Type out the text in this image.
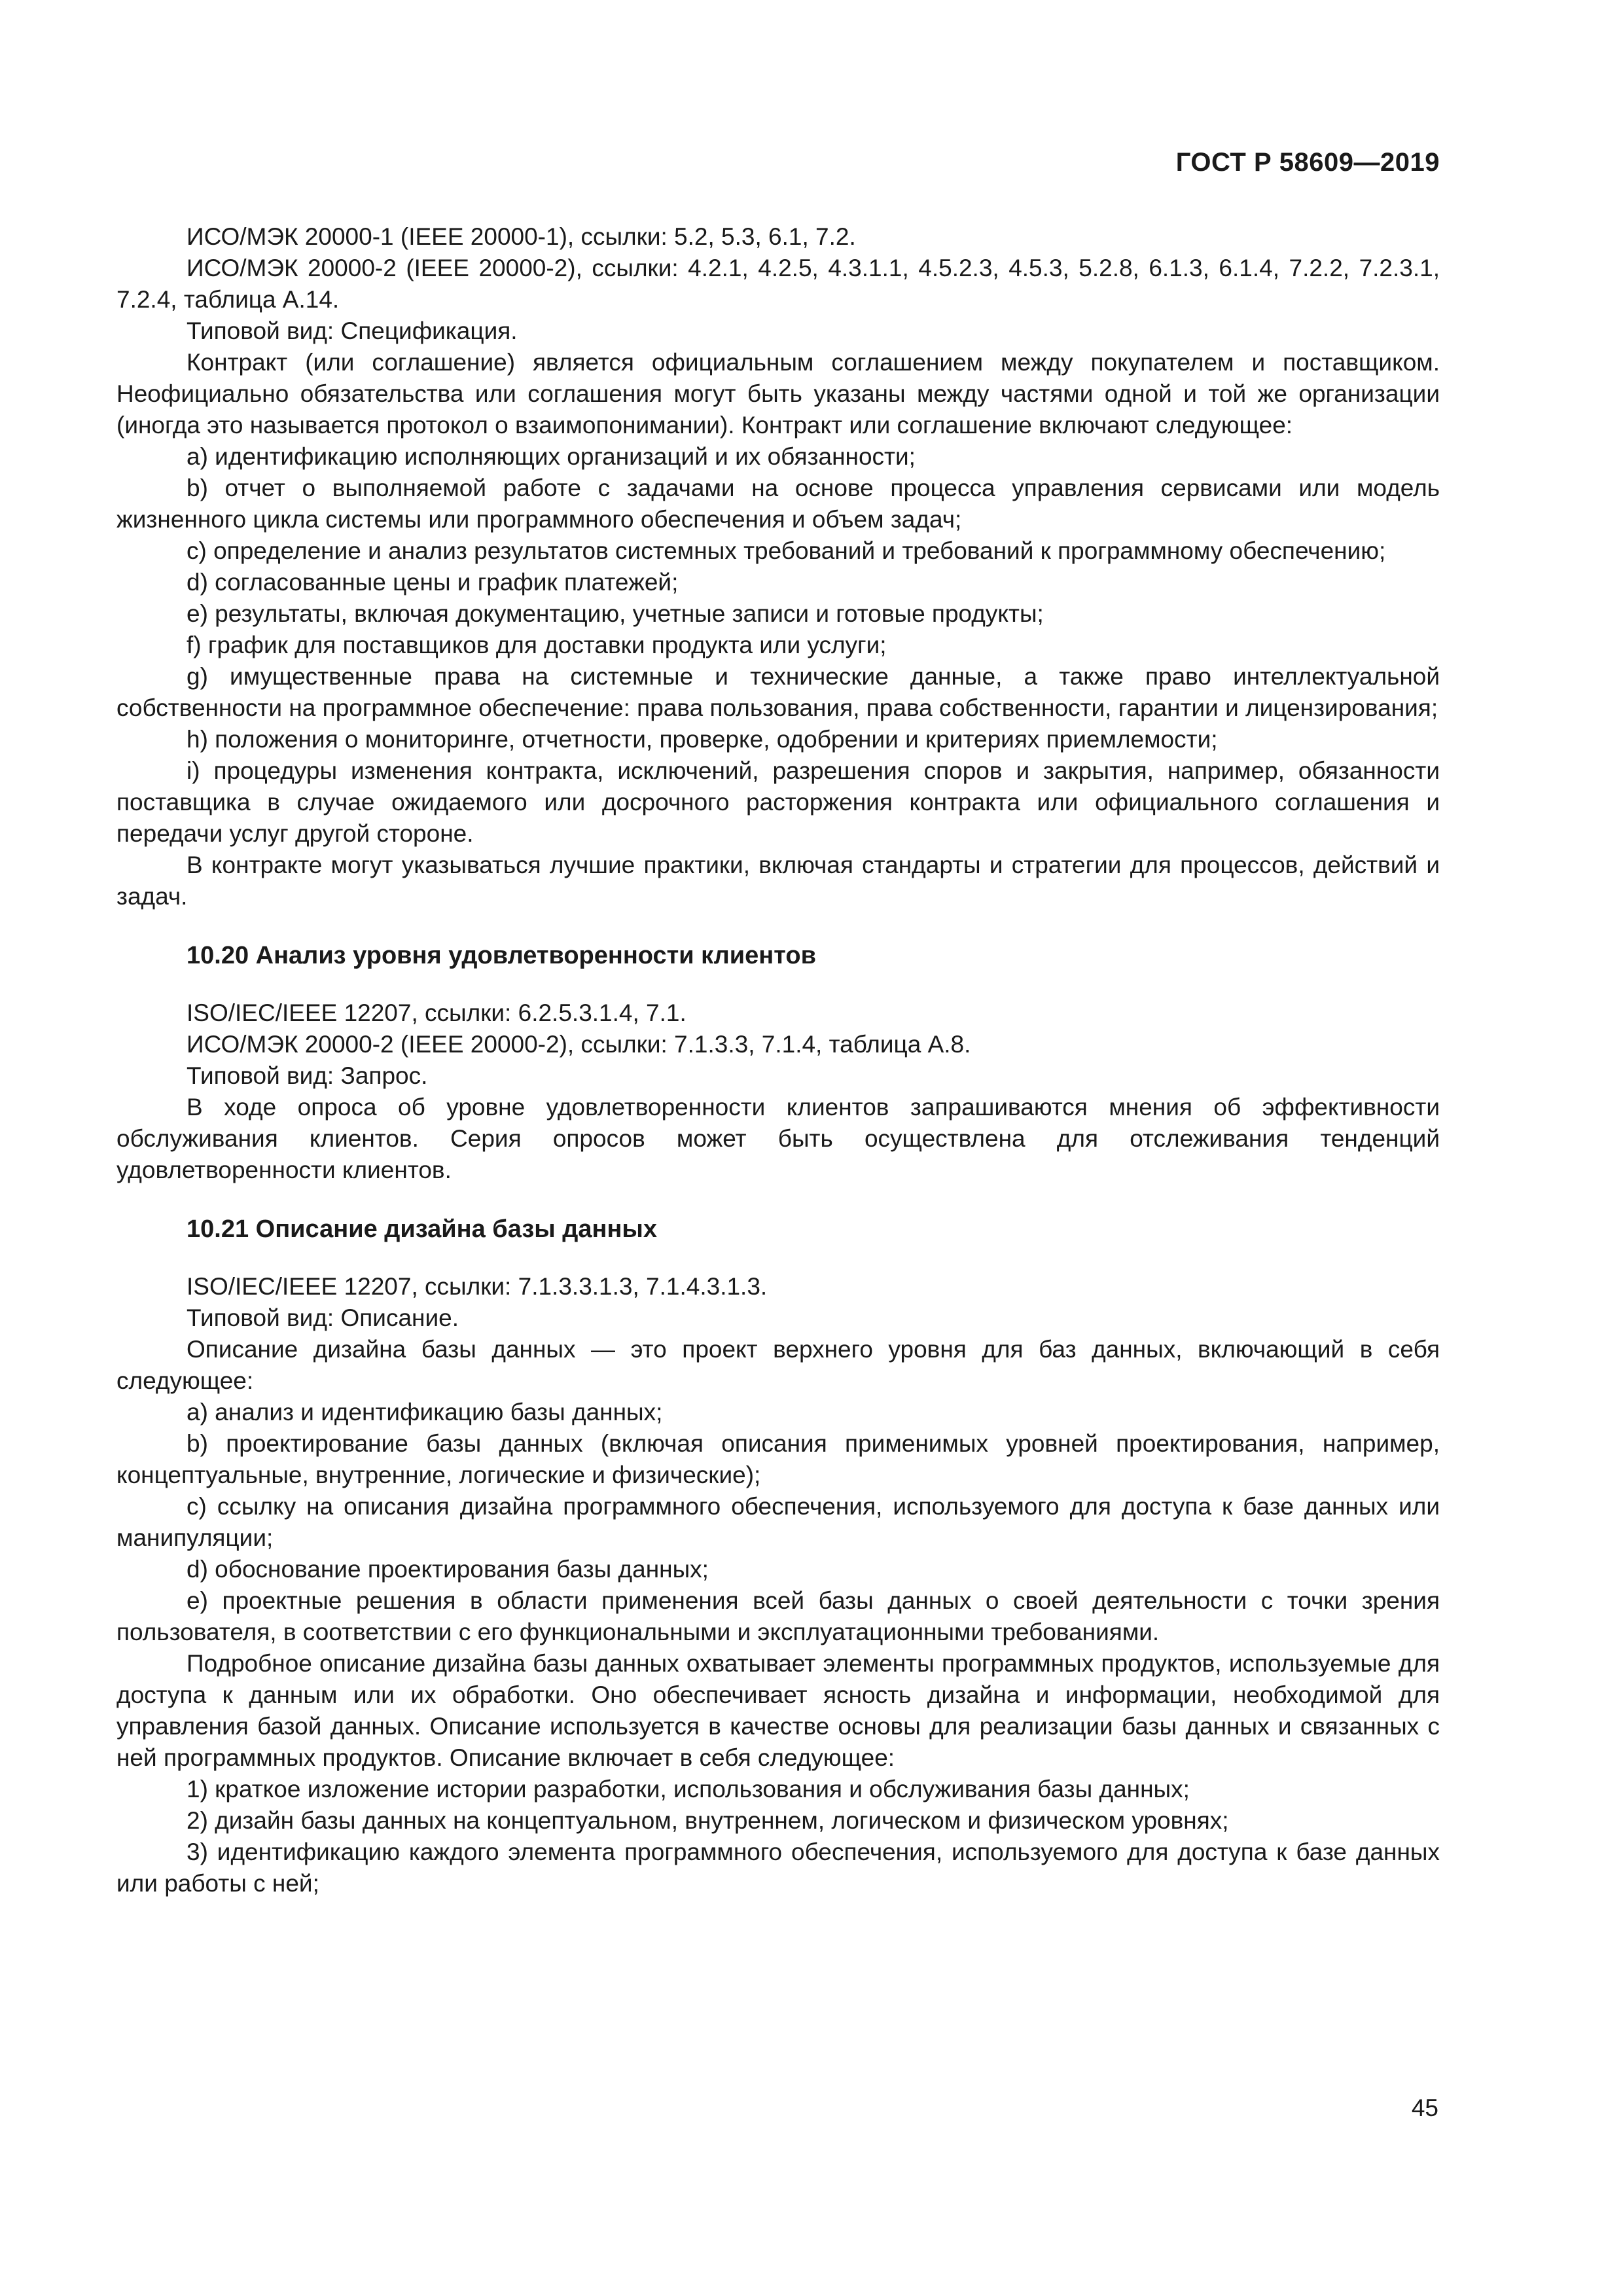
ГОСТ Р 58609—2019

ИСО/МЭК 20000-1 (IEEE 20000-1), ссылки: 5.2, 5.3, 6.1, 7.2.

ИСО/МЭК 20000-2 (IEEE 20000-2), ссылки: 4.2.1, 4.2.5, 4.3.1.1, 4.5.2.3, 4.5.3, 5.2.8, 6.1.3, 6.1.4, 7.2.2, 7.2.3.1, 7.2.4, таблица А.14.

Типовой вид: Спецификация.

Контракт (или соглашение) является официальным соглашением между покупателем и поставщиком. Неофициально обязательства или соглашения могут быть указаны между частями одной и той же организации (иногда это называется протокол о взаимопонимании). Контракт или соглашение включают следующее:

a) идентификацию исполняющих организаций и их обязанности;

b) отчет о выполняемой работе с задачами на основе процесса управления сервисами или модель жизненного цикла системы или программного обеспечения и объем задач;

c) определение и анализ результатов системных требований и требований к программному обеспечению;

d) согласованные цены и график платежей;

e) результаты, включая документацию, учетные записи и готовые продукты;

f) график для поставщиков для доставки продукта или услуги;

g) имущественные права на системные и технические данные, а также право интеллектуальной собственности на программное обеспечение: права пользования, права собственности, гарантии и лицензирования;

h) положения о мониторинге, отчетности, проверке, одобрении и критериях приемлемости;

i) процедуры изменения контракта, исключений, разрешения споров и закрытия, например, обязанности поставщика в случае ожидаемого или досрочного расторжения контракта или официального соглашения и передачи услуг другой стороне.

В контракте могут указываться лучшие практики, включая стандарты и стратегии для процессов, действий и задач.

10.20 Анализ уровня удовлетворенности клиентов

ISO/IEC/IEEE 12207, ссылки: 6.2.5.3.1.4, 7.1.

ИСО/МЭК 20000-2 (IEEE 20000-2), ссылки: 7.1.3.3, 7.1.4, таблица А.8.

Типовой вид: Запрос.

В ходе опроса об уровне удовлетворенности клиентов запрашиваются мнения об эффективности обслуживания клиентов. Серия опросов может быть осуществлена для отслеживания тенденций удовлетворенности клиентов.

10.21 Описание дизайна базы данных

ISO/IEC/IEEE 12207, ссылки: 7.1.3.3.1.3, 7.1.4.3.1.3.

Типовой вид: Описание.

Описание дизайна базы данных — это проект верхнего уровня для баз данных, включающий в себя следующее:

a) анализ и идентификацию базы данных;

b) проектирование базы данных (включая описания применимых уровней проектирования, например, концептуальные, внутренние, логические и физические);

c) ссылку на описания дизайна программного обеспечения, используемого для доступа к базе данных или манипуляции;

d) обоснование проектирования базы данных;

e) проектные решения в области применения всей базы данных о своей деятельности с точки зрения пользователя, в соответствии с его функциональными и эксплуатационными требованиями.

Подробное описание дизайна базы данных охватывает элементы программных продуктов, используемые для доступа к данным или их обработки. Оно обеспечивает ясность дизайна и информации, необходимой для управления базой данных. Описание используется в качестве основы для реализации базы данных и связанных с ней программных продуктов. Описание включает в себя следующее:

1) краткое изложение истории разработки, использования и обслуживания базы данных;

2) дизайн базы данных на концептуальном, внутреннем, логическом и физическом уровнях;

3) идентификацию каждого элемента программного обеспечения, используемого для доступа к базе данных или работы с ней;

45
